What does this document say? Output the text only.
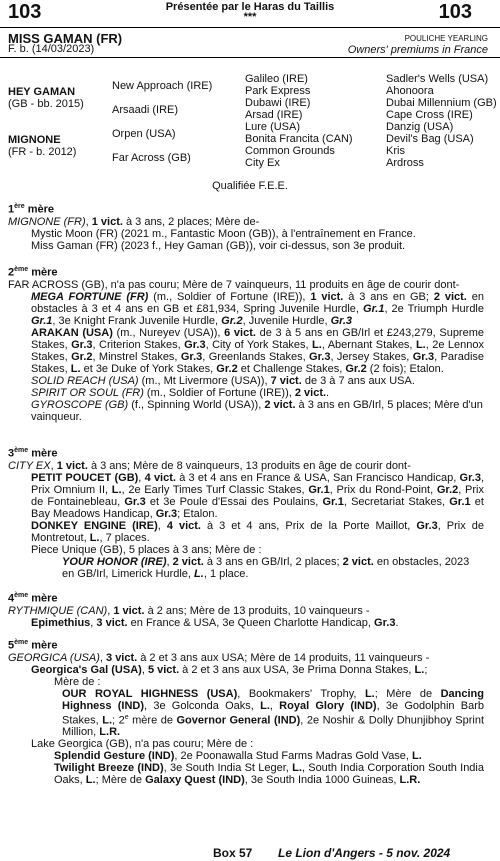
103	Présentée par le Haras du Taillis
***	103
MISS GAMAN (FR)
F. b. (14/03/2023)
POULICHE YEARLING
Owners' premiums in France
HEY GAMAN
(GB - bb. 2015)
MIGNONE
(FR - b. 2012)
New Approach (IRE)
Arsaadi (IRE)
Orpen (USA)
Far Across (GB)
Galileo (IRE)
Park Express
Dubawi (IRE)
Arsad (IRE)
Lure (USA)
Bonita Francita (CAN)
Common Grounds
City Ex
Sadler's Wells (USA)
Ahonoora
Dubai Millennium (GB)
Cape Cross (IRE)
Danzig (USA)
Devil's Bag (USA)
Kris
Ardross
Qualifiée F.E.E.

1ère mère

MIGNONE (FR), 1 vict. à 3 ans, 2 places; Mère de-

Mystic Moon (FR) (2021 m., Fantastic Moon (GB)), à l'entraînement en France.

Miss Gaman (FR) (2023 f., Hey Gaman (GB)), voir ci-dessus, son 3e produit.

2ème mère

FAR ACROSS (GB), n'a pas couru; Mère de 7 vainqueurs, 11 produits en âge de courir dont-

MEGA FORTUNE (FR) (m., Soldier of Fortune (IRE)), 1 vict. à 3 ans en GB; 2 vict. en obstacles à 3 et 4 ans en GB et £81,934, Spring Juvenile Hurdle, Gr.1, 2e Triumph Hurdle Gr.1, 3e Knight Frank Juvenile Hurdle, Gr.2, Juvenile Hurdle, Gr.3

ARAKAN (USA) (m., Nureyev (USA)), 6 vict. de 3 à 5 ans en GB/Irl et £243,279, Supreme Stakes, Gr.3, Criterion Stakes, Gr.3, City of York Stakes, L., Abernant Stakes, L., 2e Lennox Stakes, Gr.2, Minstrel Stakes, Gr.3, Greenlands Stakes, Gr.3, Jersey Stakes, Gr.3, Paradise Stakes, L. et 3e Duke of York Stakes, Gr.2 et Challenge Stakes, Gr.2 (2 fois); Etalon.

SOLID REACH (USA) (m., Mt Livermore (USA)), 7 vict. de 3 à 7 ans aux USA.

SPIRIT OR SOUL (FR) (m., Soldier of Fortune (IRE)), 2 vict..

GYROSCOPE (GB) (f., Spinning World (USA)), 2 vict. à 3 ans en GB/Irl, 5 places; Mère d'un vainqueur.

3ème mère

CITY EX, 1 vict. à 3 ans; Mère de 8 vainqueurs, 13 produits en âge de courir dont-

PETIT POUCET (GB), 4 vict. à 3 et 4 ans en France & USA, San Francisco Handicap, Gr.3, Prix Omnium II, L., 2e Early Times Turf Classic Stakes, Gr.1, Prix du Rond-Point, Gr.2, Prix de Fontainebleau, Gr.3 et 3e Poule d'Essai des Poulains, Gr.1, Secretariat Stakes, Gr.1 et Bay Meadows Handicap, Gr.3; Etalon.

DONKEY ENGINE (IRE), 4 vict. à 3 et 4 ans, Prix de la Porte Maillot, Gr.3, Prix de Montretout, L., 7 places.

Piece Unique (GB), 5 places à 3 ans; Mère de :

YOUR HONOR (IRE), 2 vict. à 3 ans en GB/Irl, 2 places; 2 vict. en obstacles, 2023 en GB/Irl, Limerick Hurdle, L., 1 place.

4ème mère

RYTHMIQUE (CAN), 1 vict. à 2 ans; Mère de 13 produits, 10 vainqueurs -

Epimethius, 3 vict. en France & USA, 3e Queen Charlotte Handicap, Gr.3.

5ème mère

GEORGICA (USA), 3 vict. à 2 et 3 ans aux USA; Mère de 14 produits, 11 vainqueurs -

Georgica's Gal (USA), 5 vict. à 2 et 3 ans aux USA, 3e Prima Donna Stakes, L.;

Mère de :

OUR ROYAL HIGHNESS (USA), Bookmakers' Trophy, L.; Mère de Dancing Highness (IND), 3e Golconda Oaks, L., Royal Glory (IND), 3e Godolphin Barb Stakes, L.; 2e mère de Governor General (IND), 2e Noshir & Dolly Dhunjibhoy Sprint Million, L.R.

Lake Georgica (GB), n'a pas couru; Mère de :

Splendid Gesture (IND), 2e Poonawalla Stud Farms Madras Gold Vase, L.

Twilight Breeze (IND), 3e South India St Leger, L., South India Corporation South India Oaks, L.; Mère de Galaxy Quest (IND), 3e South India 1000 Guineas, L.R.

Box 57 Le Lion d'Angers - 5 nov. 2024
